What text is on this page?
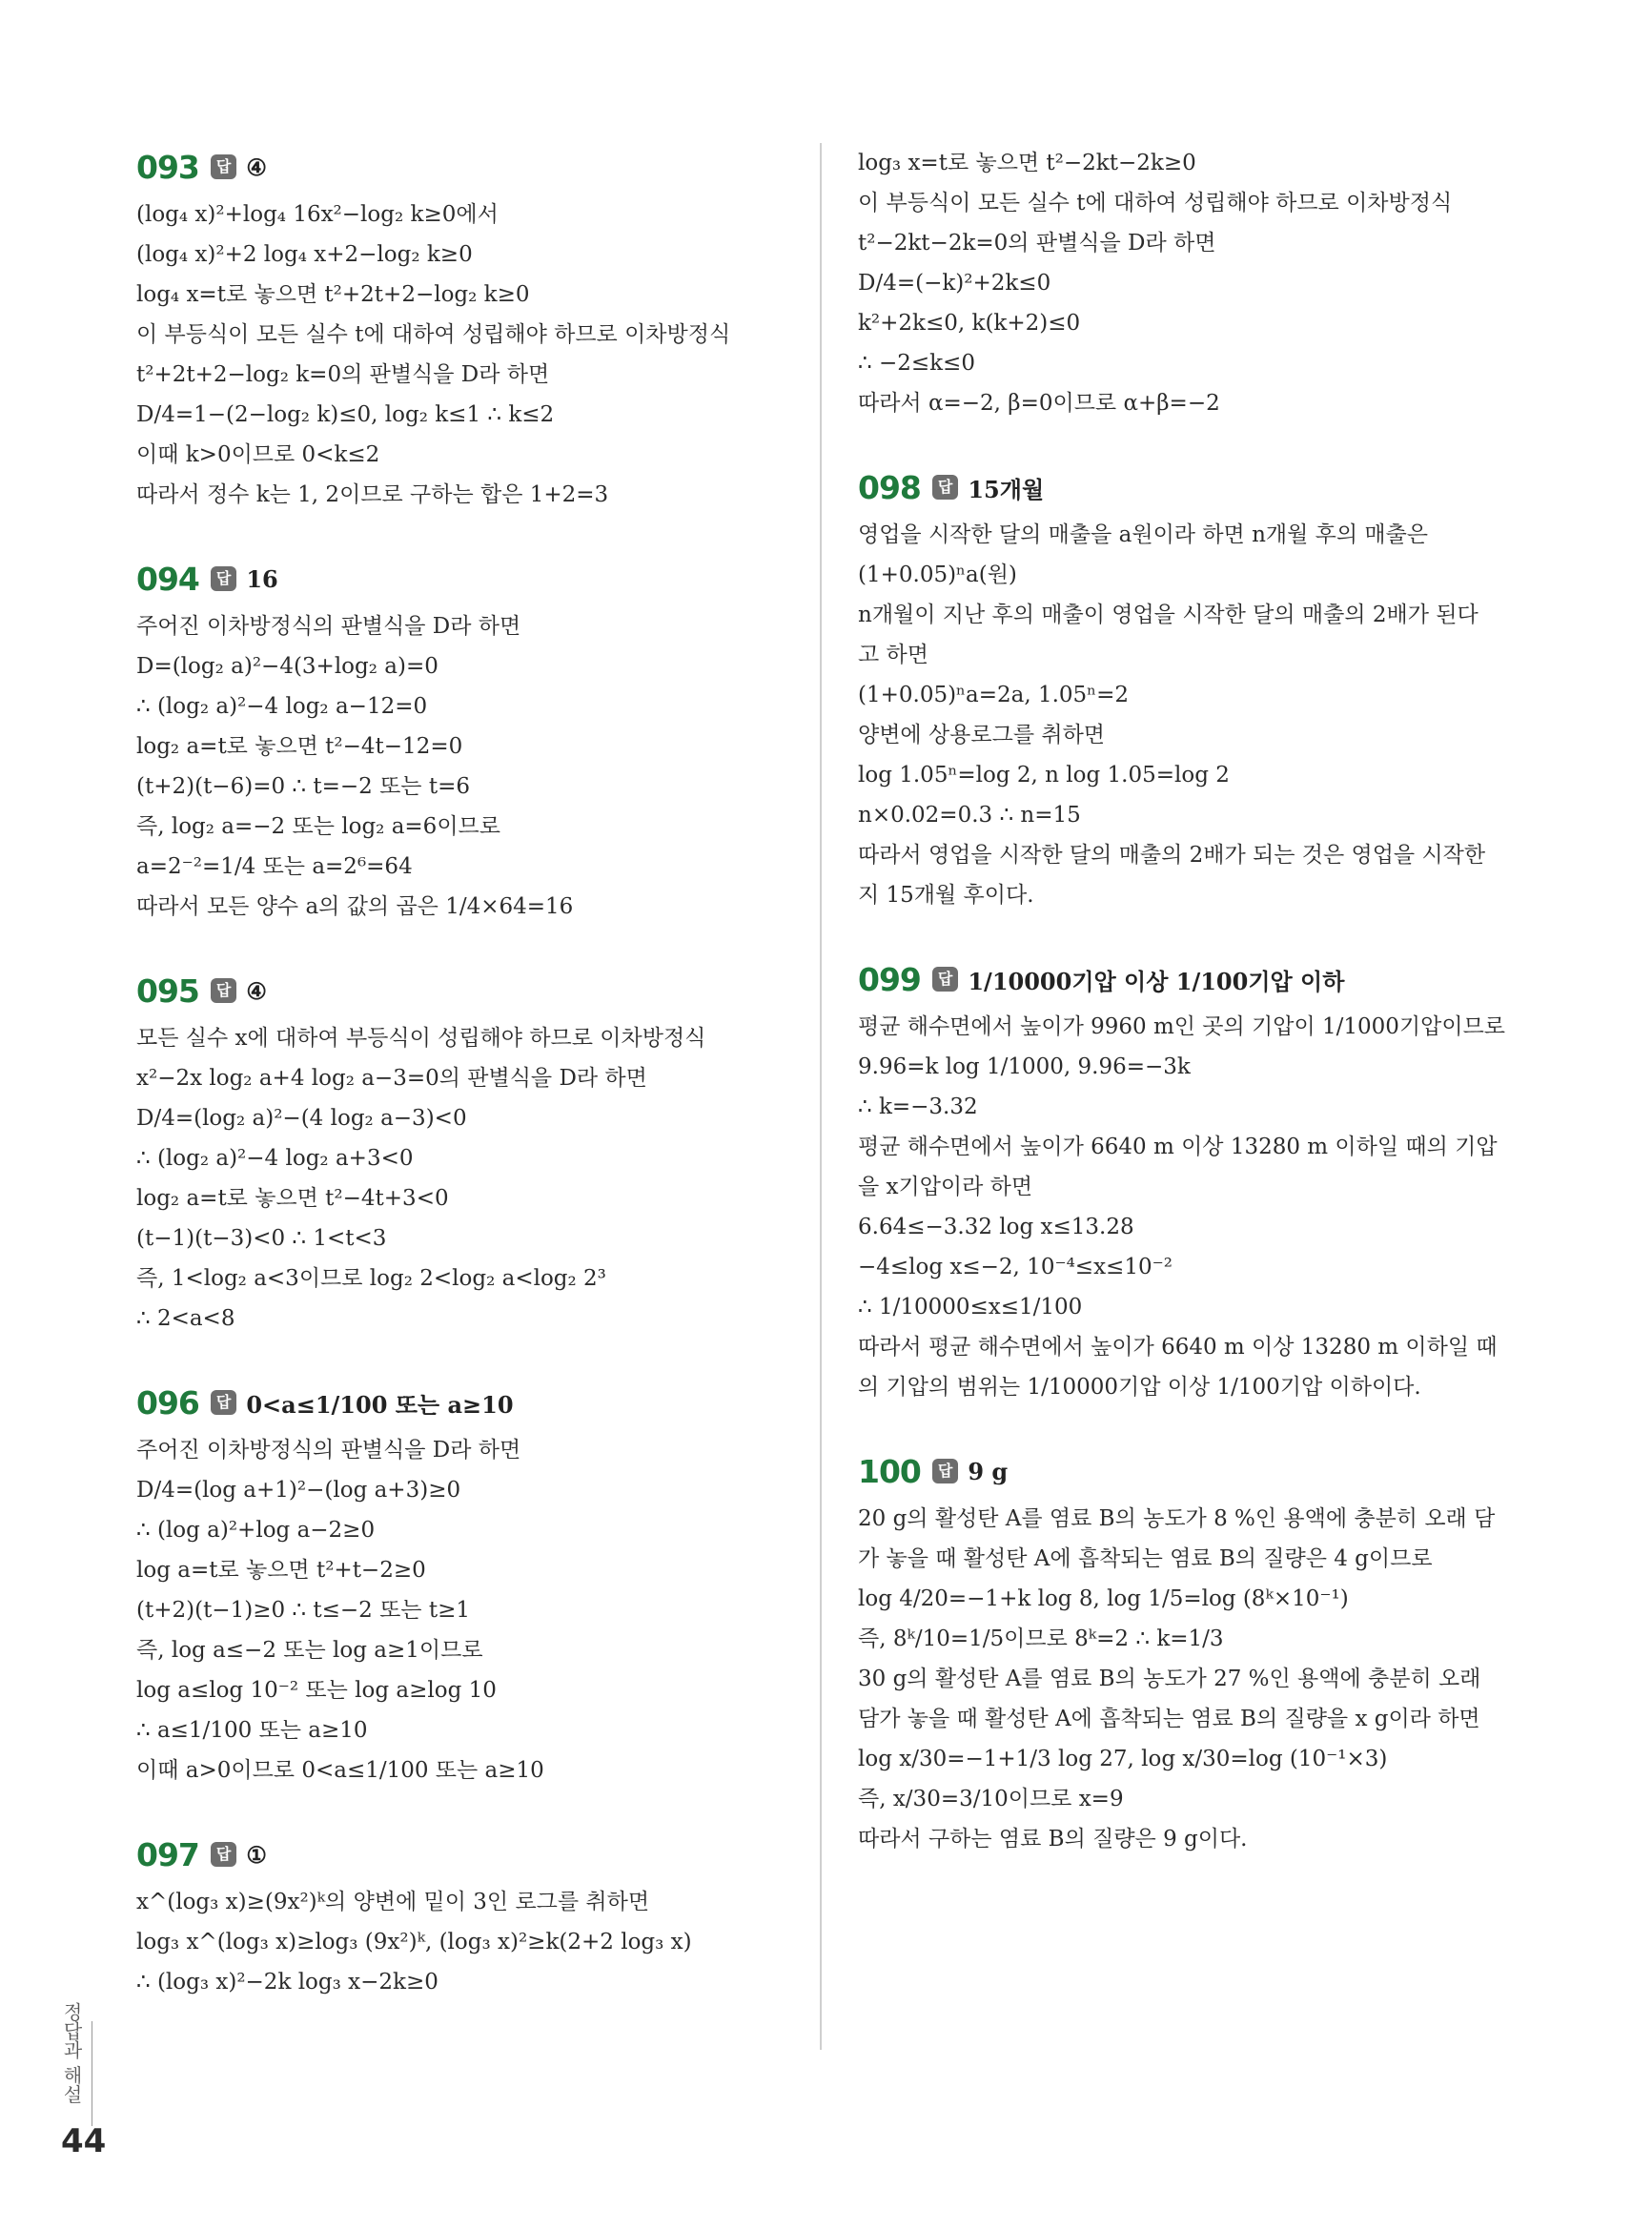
093	답 ④
(log₄ x)²+log₄ 16x²−log₂ k≥0에서
(log₄ x)²+2 log₄ x+2−log₂ k≥0
log₄ x=t로 놓으면 t²+2t+2−log₂ k≥0
이 부등식이 모든 실수 t에 대하여 성립해야 하므로 이차방정식
t²+2t+2−log₂ k=0의 판별식을 D라 하면
D/4=1−(2−log₂ k)≤0, log₂ k≤1 ∴ k≤2
이때 k>0이므로 0<k≤2
따라서 정수 k는 1, 2이므로 구하는 합은 1+2=3
094	답 16
주어진 이차방정식의 판별식을 D라 하면
D=(log₂ a)²−4(3+log₂ a)=0
∴ (log₂ a)²−4 log₂ a−12=0
log₂ a=t로 놓으면 t²−4t−12=0
(t+2)(t−6)=0 ∴ t=−2 또는 t=6
즉, log₂ a=−2 또는 log₂ a=6이므로
a=2⁻²=1/4 또는 a=2⁶=64
따라서 모든 양수 a의 값의 곱은 1/4×64=16
095	답 ④
모든 실수 x에 대하여 부등식이 성립해야 하므로 이차방정식
x²−2x log₂ a+4 log₂ a−3=0의 판별식을 D라 하면
D/4=(log₂ a)²−(4 log₂ a−3)<0
∴ (log₂ a)²−4 log₂ a+3<0
log₂ a=t로 놓으면 t²−4t+3<0
(t−1)(t−3)<0 ∴ 1<t<3
즉, 1<log₂ a<3이므로 log₂ 2<log₂ a<log₂ 2³
∴ 2<a<8
096	답 0<a≤1/100 또는 a≥10
주어진 이차방정식의 판별식을 D라 하면
D/4=(log a+1)²−(log a+3)≥0
∴ (log a)²+log a−2≥0
log a=t로 놓으면 t²+t−2≥0
(t+2)(t−1)≥0 ∴ t≤−2 또는 t≥1
즉, log a≤−2 또는 log a≥1이므로
log a≤log 10⁻² 또는 log a≥log 10
∴ a≤1/100 또는 a≥10
이때 a>0이므로 0<a≤1/100 또는 a≥10
097	답 ①
x^(log₃ x)≥(9x²)ᵏ의 양변에 밑이 3인 로그를 취하면
log₃ x^(log₃ x)≥log₃ (9x²)ᵏ, (log₃ x)²≥k(2+2 log₃ x)
∴ (log₃ x)²−2k log₃ x−2k≥0
log₃ x=t로 놓으면 t²−2kt−2k≥0
이 부등식이 모든 실수 t에 대하여 성립해야 하므로 이차방정식
t²−2kt−2k=0의 판별식을 D라 하면
D/4=(−k)²+2k≤0
k²+2k≤0, k(k+2)≤0
∴ −2≤k≤0
따라서 α=−2, β=0이므로 α+β=−2
098	답 15개월
영업을 시작한 달의 매출을 a원이라 하면 n개월 후의 매출은
(1+0.05)ⁿa(원)
n개월이 지난 후의 매출이 영업을 시작한 달의 매출의 2배가 된다
고 하면
(1+0.05)ⁿa=2a, 1.05ⁿ=2
양변에 상용로그를 취하면
log 1.05ⁿ=log 2, n log 1.05=log 2
n×0.02=0.3 ∴ n=15
따라서 영업을 시작한 달의 매출의 2배가 되는 것은 영업을 시작한
지 15개월 후이다.
099	답 1/10000기압 이상 1/100기압 이하
평균 해수면에서 높이가 9960 m인 곳의 기압이 1/1000기압이므로
9.96=k log 1/1000, 9.96=−3k
∴ k=−3.32
평균 해수면에서 높이가 6640 m 이상 13280 m 이하일 때의 기압
을 x기압이라 하면
6.64≤−3.32 log x≤13.28
−4≤log x≤−2, 10⁻⁴≤x≤10⁻²
∴ 1/10000≤x≤1/100
따라서 평균 해수면에서 높이가 6640 m 이상 13280 m 이하일 때
의 기압의 범위는 1/10000기압 이상 1/100기압 이하이다.
100	답 9 g
20 g의 활성탄 A를 염료 B의 농도가 8 %인 용액에 충분히 오래 담
가 놓을 때 활성탄 A에 흡착되는 염료 B의 질량은 4 g이므로
log 4/20=−1+k log 8, log 1/5=log (8ᵏ×10⁻¹)
즉, 8ᵏ/10=1/5이므로 8ᵏ=2 ∴ k=1/3
30 g의 활성탄 A를 염료 B의 농도가 27 %인 용액에 충분히 오래
담가 놓을 때 활성탄 A에 흡착되는 염료 B의 질량을 x g이라 하면
log x/30=−1+1/3 log 27, log x/30=log (10⁻¹×3)
즉, x/30=3/10이므로 x=9
따라서 구하는 염료 B의 질량은 9 g이다.
정답과 해설
44
